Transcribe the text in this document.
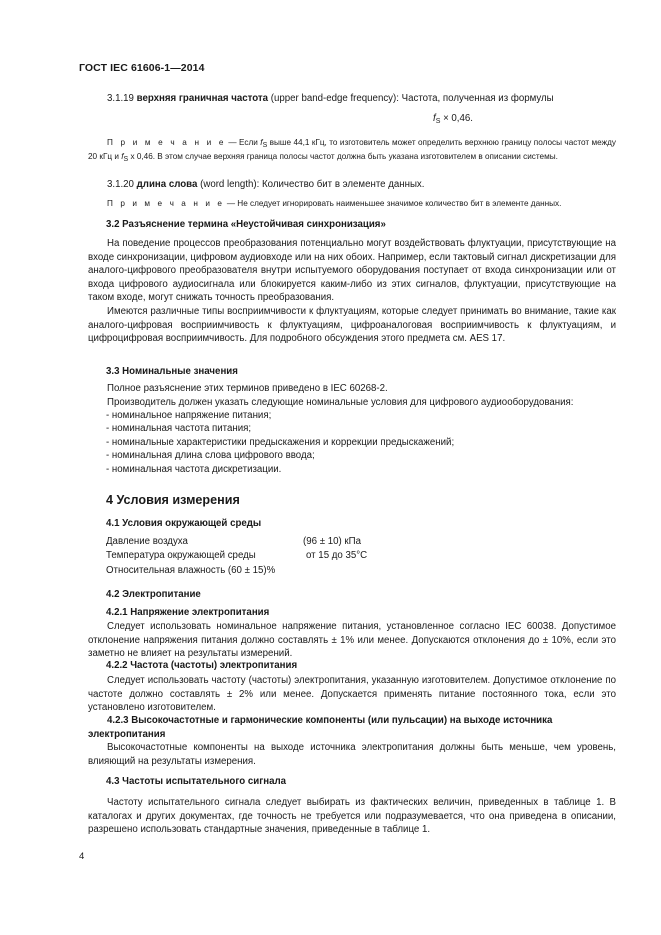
ГОСТ IEC 61606-1—2014
3.1.19 верхняя граничная частота (upper band-edge frequency): Частота, полученная из формулы
$f_S \times 0,46$.
П р и м е ч а н и е — Если $f_S$ выше 44,1 кГц, то изготовитель может определить верхнюю границу полосы частот между 20 кГц и $f_S$ x 0,46. В этом случае верхняя граница полосы частот должна быть указана изготовителем в описании системы.
3.1.20 длина слова (word length): Количество бит в элементе данных.
П р и м е ч а н и е — Не следует игнорировать наименьшее значимое количество бит в элементе данных.
3.2 Разъяснение термина «Неустойчивая синхронизация»
На поведение процессов преобразования потенциально могут воздействовать флуктуации, присутствующие на входе синхронизации, цифровом аудиовходе или на них обоих. Например, если тактовый сигнал дискретизации для аналого-цифрового преобразователя внутри испытуемого оборудования поступает от входа синхронизации или от входа цифрового аудиосигнала или блокируется каким-либо из этих сигналов, флуктуации, присутствующие на таком входе, могут снижать точность преобразования.
Имеются различные типы восприимчивости к флуктуациям, которые следует принимать во внимание, такие как аналого-цифровая восприимчивость к флуктуациям, цифроаналоговая восприимчивость к флуктуациям, и цифроцифровая восприимчивость. Для подробного обсуждения этого предмета см. AES 17.
3.3 Номинальные значения
Полное разъяснение этих терминов приведено в IEC 60268-2.
Производитель должен указать следующие номинальные условия для цифрового аудиооборудования:
- номинальное напряжение питания;
- номинальная частота питания;
- номинальные характеристики предыскажения и коррекции предыскажений;
- номинальная длина слова цифрового ввода;
- номинальная частота дискретизации.
4 Условия измерения
4.1 Условия окружающей среды
Давление воздуха	(96 ± 10) кПа
Температура окружающей среды	от 15 до 35°С
Относительная влажность (60 ± 15)%
4.2 Электропитание
4.2.1 Напряжение электропитания
Следует использовать номинальное напряжение питания, установленное согласно IEC 60038. Допустимое отклонение напряжения питания должно составлять ± 1% или менее. Допускаются отклонения до ± 10%, если это заметно не влияет на результаты измерений.
4.2.2 Частота (частоты) электропитания
Следует использовать частоту (частоты) электропитания, указанную изготовителем. Допустимое отклонение по частоте должно составлять ± 2% или менее. Допускается применять питание постоянного тока, если это установлено изготовителем.
4.2.3 Высокочастотные и гармонические компоненты (или пульсации) на выходе источника электропитания
Высокочастотные компоненты на выходе источника электропитания должны быть меньше, чем уровень, влияющий на результаты измерения.
4.3 Частоты испытательного сигнала
Частоту испытательного сигнала следует выбирать из фактических величин, приведенных в таблице 1. В каталогах и других документах, где точность не требуется или подразумевается, что она приведена в описании, разрешено использовать стандартные значения, приведенные в таблице 1.
4
